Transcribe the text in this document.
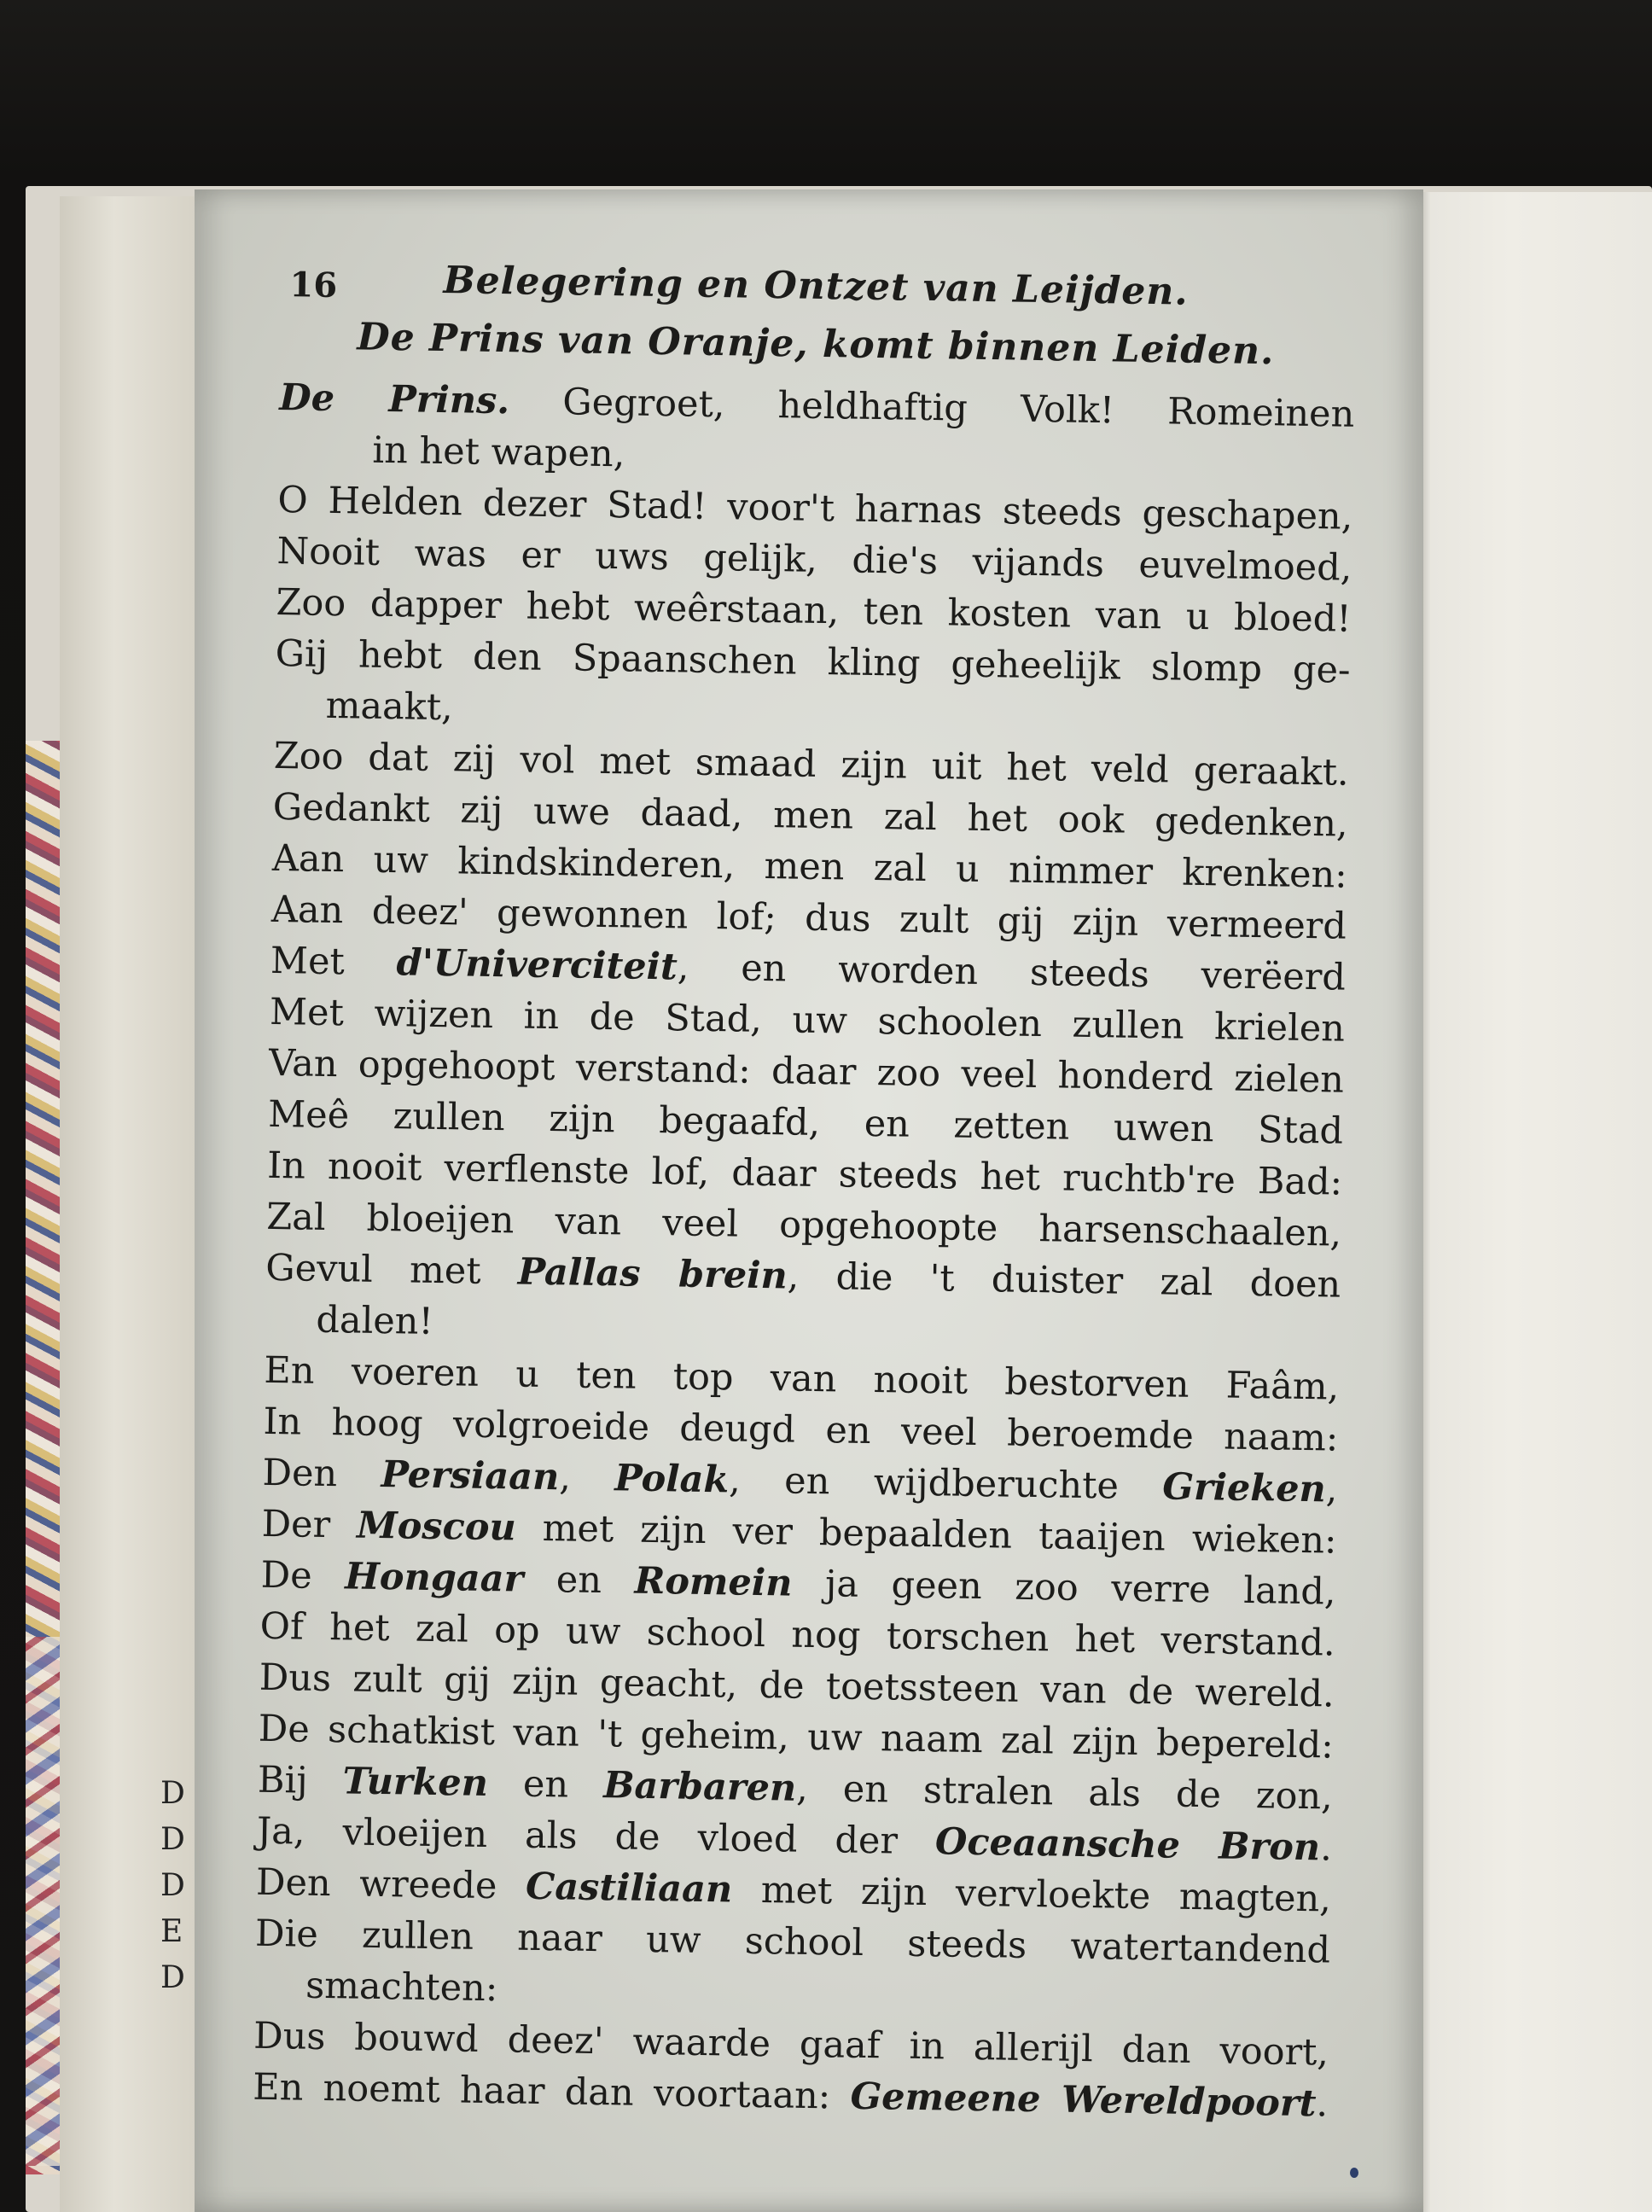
D
D
D
E
D
16	Belegering en Ontzet van Leijden.
De Prins van Oranje, komt binnen Leiden.
De Prins. Gegroet, heldhaftig Volk! Romeinen
in het wapen,
O Helden dezer Stad! voor't harnas steeds geschapen,
Nooit was er uws gelijk, die's vijands euvelmoed,
Zoo dapper hebt weêrstaan, ten kosten van u bloed!
Gij hebt den Spaanschen kling geheelijk slomp ge-
maakt,
Zoo dat zij vol met smaad zijn uit het veld geraakt.
Gedankt zij uwe daad, men zal het ook gedenken,
Aan uw kindskinderen, men zal u nimmer krenken:
Aan deez' gewonnen lof; dus zult gij zijn vermeerd
Met d'Univerciteit, en worden steeds verëerd
Met wijzen in de Stad, uw schoolen zullen krielen
Van opgehoopt verstand: daar zoo veel honderd zielen
Meê zullen zijn begaafd, en zetten uwen Stad
In nooit verflenste lof, daar steeds het ruchtb're Bad:
Zal bloeijen van veel opgehoopte harsenschaalen,
Gevul met Pallas brein, die 't duister zal doen
dalen!
En voeren u ten top van nooit bestorven Faâm,
In hoog volgroeide deugd en veel beroemde naam:
Den Persiaan, Polak, en wijdberuchte Grieken,
Der Moscou met zijn ver bepaalden taaijen wieken:
De Hongaar en Romein ja geen zoo verre land,
Of het zal op uw school nog torschen het verstand.
Dus zult gij zijn geacht, de toetssteen van de wereld.
De schatkist van 't geheim, uw naam zal zijn bepereld:
Bij Turken en Barbaren, en stralen als de zon,
Ja, vloeijen als de vloed der Oceaansche Bron.
Den wreede Castiliaan met zijn vervloekte magten,
Die zullen naar uw school steeds watertandend
smachten:
Dus bouwd deez' waarde gaaf in allerijl dan voort,
En noemt haar dan voortaan: Gemeene Wereldpoort.
